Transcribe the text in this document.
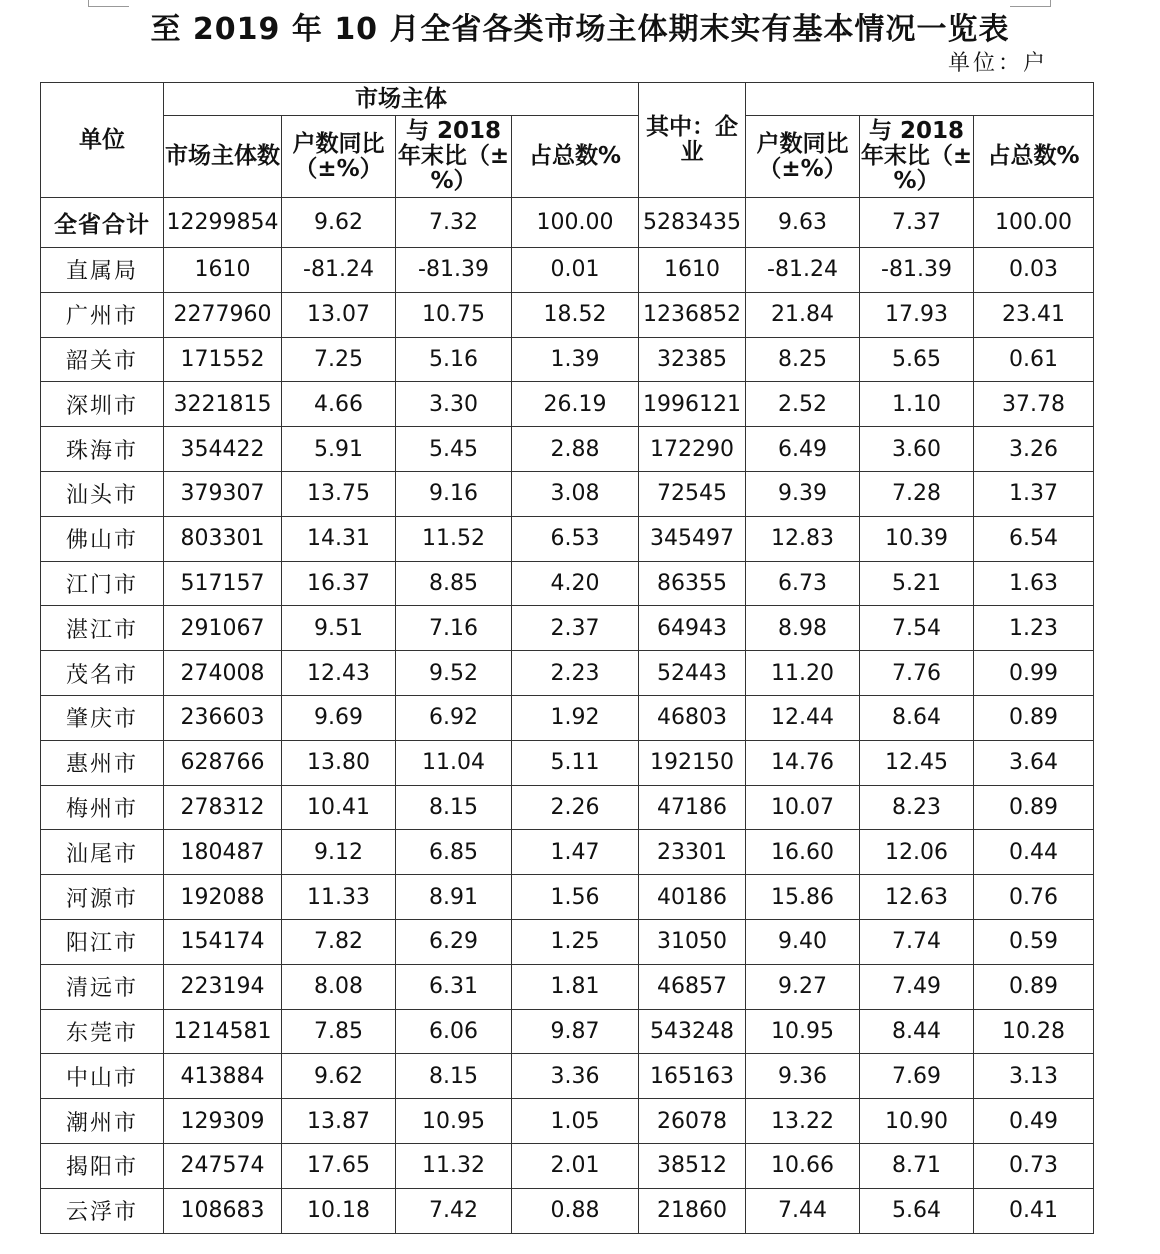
至 2019 年 10 月全省各类市场主体期末实有基本情况一览表
单位：户
单位	市场主体				其中：企业			
	市场主体数	户数同比（±%）	与 2018 年末比（±%）	占总数%		户数同比（±%）	与 2018 年末比（±%）	占总数%
全省合计	12299854	9.62	7.32	100.00	5283435	9.63	7.37	100.00
直属局	1610	-81.24	-81.39	0.01	1610	-81.24	-81.39	0.03
广州市	2277960	13.07	10.75	18.52	1236852	21.84	17.93	23.41
韶关市	171552	7.25	5.16	1.39	32385	8.25	5.65	0.61
深圳市	3221815	4.66	3.30	26.19	1996121	2.52	1.10	37.78
珠海市	354422	5.91	5.45	2.88	172290	6.49	3.60	3.26
汕头市	379307	13.75	9.16	3.08	72545	9.39	7.28	1.37
佛山市	803301	14.31	11.52	6.53	345497	12.83	10.39	6.54
江门市	517157	16.37	8.85	4.20	86355	6.73	5.21	1.63
湛江市	291067	9.51	7.16	2.37	64943	8.98	7.54	1.23
茂名市	274008	12.43	9.52	2.23	52443	11.20	7.76	0.99
肇庆市	236603	9.69	6.92	1.92	46803	12.44	8.64	0.89
惠州市	628766	13.80	11.04	5.11	192150	14.76	12.45	3.64
梅州市	278312	10.41	8.15	2.26	47186	10.07	8.23	0.89
汕尾市	180487	9.12	6.85	1.47	23301	16.60	12.06	0.44
河源市	192088	11.33	8.91	1.56	40186	15.86	12.63	0.76
阳江市	154174	7.82	6.29	1.25	31050	9.40	7.74	0.59
清远市	223194	8.08	6.31	1.81	46857	9.27	7.49	0.89
东莞市	1214581	7.85	6.06	9.87	543248	10.95	8.44	10.28
中山市	413884	9.62	8.15	3.36	165163	9.36	7.69	3.13
潮州市	129309	13.87	10.95	1.05	26078	13.22	10.90	0.49
揭阳市	247574	17.65	11.32	2.01	38512	10.66	8.71	0.73
云浮市	108683	10.18	7.42	0.88	21860	7.44	5.64	0.41
